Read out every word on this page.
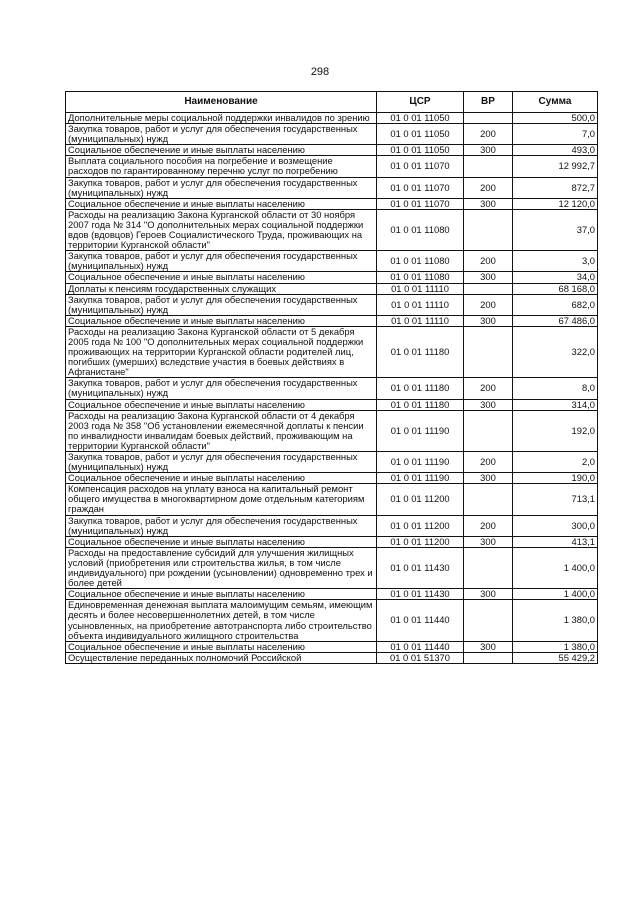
298
Наименование	ЦСР	ВР	Сумма
Дополнительные меры социальной поддержки инвалидов по зрению	01 0 01 11050		500,0
Закупка товаров, работ и услуг для обеспечения государственных (муниципальных) нужд	01 0 01 11050	200	7,0
Социальное обеспечение и иные выплаты населению	01 0 01 11050	300	493,0
Выплата социального пособия на погребение и возмещение расходов по гарантированному перечню услуг по погребению	01 0 01 11070		12 992,7
Закупка товаров, работ и услуг для обеспечения государственных (муниципальных) нужд	01 0 01 11070	200	872,7
Социальное обеспечение и иные выплаты населению	01 0 01 11070	300	12 120,0
Расходы на реализацию Закона Курганской области от 30 ноября 2007 года № 314 "О дополнительных мерах социальной поддержки вдов (вдовцов) Героев Социалистического Труда, проживающих на территории Курганской области"	01 0 01 11080		37,0
Закупка товаров, работ и услуг для обеспечения государственных (муниципальных) нужд	01 0 01 11080	200	3,0
Социальное обеспечение и иные выплаты населению	01 0 01 11080	300	34,0
Доплаты к пенсиям государственных служащих	01 0 01 11110		68 168,0
Закупка товаров, работ и услуг для обеспечения государственных (муниципальных) нужд	01 0 01 11110	200	682,0
Социальное обеспечение и иные выплаты населению	01 0 01 11110	300	67 486,0
Расходы на реализацию Закона Курганской области от 5 декабря 2005 года № 100 "О дополнительных мерах социальной поддержки проживающих на территории Курганской области родителей лиц, погибших (умерших) вследствие участия в боевых действиях в Афганистане"	01 0 01 11180		322,0
Закупка товаров, работ и услуг для обеспечения государственных (муниципальных) нужд	01 0 01 11180	200	8,0
Социальное обеспечение и иные выплаты населению	01 0 01 11180	300	314,0
Расходы на реализацию Закона Курганской области от 4 декабря 2003 года № 358 "Об установлении ежемесячной доплаты к пенсии по инвалидности инвалидам боевых действий, проживающим на территории Курганской области"	01 0 01 11190		192,0
Закупка товаров, работ и услуг для обеспечения государственных (муниципальных) нужд	01 0 01 11190	200	2,0
Социальное обеспечение и иные выплаты населению	01 0 01 11190	300	190,0
Компенсация расходов на уплату взноса на капитальный ремонт общего имущества в многоквартирном доме отдельным категориям граждан	01 0 01 11200		713,1
Закупка товаров, работ и услуг для обеспечения государственных (муниципальных) нужд	01 0 01 11200	200	300,0
Социальное обеспечение и иные выплаты населению	01 0 01 11200	300	413,1
Расходы на предоставление субсидий для улучшения жилищных условий (приобретения или строительства жилья, в том числе индивидуального) при рождении (усыновлении) одновременно трех и более детей	01 0 01 11430		1 400,0
Социальное обеспечение и иные выплаты населению	01 0 01 11430	300	1 400,0
Единовременная денежная выплата малоимущим семьям, имеющим десять и более несовершеннолетних детей, в том числе усыновленных, на приобретение автотранспорта либо строительство объекта индивидуального жилищного строительства	01 0 01 11440		1 380,0
Социальное обеспечение и иные выплаты населению	01 0 01 11440	300	1 380,0
Осуществление переданных полномочий Российской	01 0 01 51370		55 429,2
